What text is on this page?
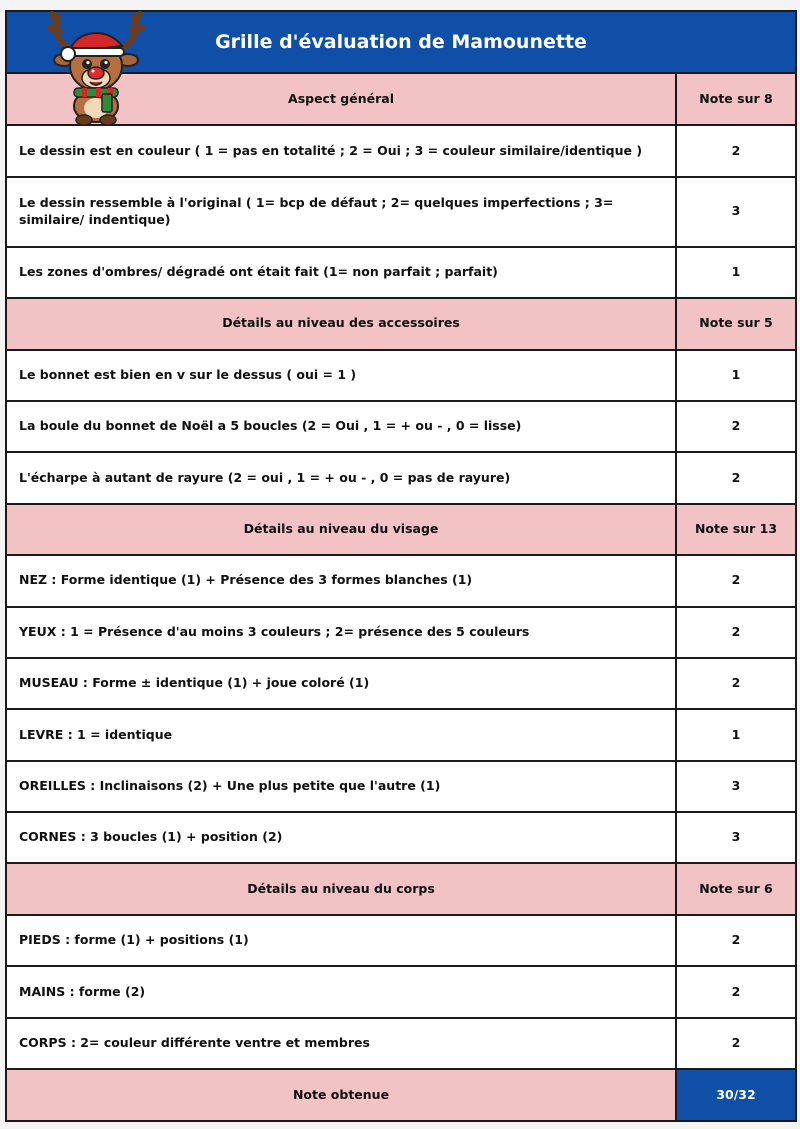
Grille d'évaluation de Mamounette
Aspect général	Note sur 8
Le dessin est en couleur ( 1 = pas en totalité ; 2 = Oui ; 3 = couleur similaire/identique )	2
Le dessin ressemble à l'original ( 1= bcp de défaut ; 2= quelques imperfections ; 3= similaire/ indentique)	3
Les zones d'ombres/ dégradé ont était fait (1= non parfait ; parfait)	1
Détails au niveau des accessoires	Note sur 5
Le bonnet est bien en v sur le dessus ( oui = 1 )	1
La boule du bonnet de Noël a 5 boucles (2 = Oui , 1 = + ou - , 0 = lisse)	2
L'écharpe à autant de rayure (2 = oui , 1 = + ou - , 0 = pas de rayure)	2
Détails au niveau du visage	Note sur 13
NEZ : Forme identique (1) + Présence des 3 formes blanches (1)	2
YEUX : 1 = Présence d'au moins 3 couleurs ; 2= présence des 5 couleurs	2
MUSEAU : Forme ± identique (1) + joue coloré (1)	2
LEVRE : 1 = identique	1
OREILLES : Inclinaisons (2) + Une plus petite que l'autre (1)	3
CORNES : 3 boucles (1) + position (2)	3
Détails au niveau du corps	Note sur 6
PIEDS : forme (1) + positions (1)	2
MAINS : forme (2)	2
CORPS : 2= couleur différente ventre et membres	2
Note obtenue	30/32
